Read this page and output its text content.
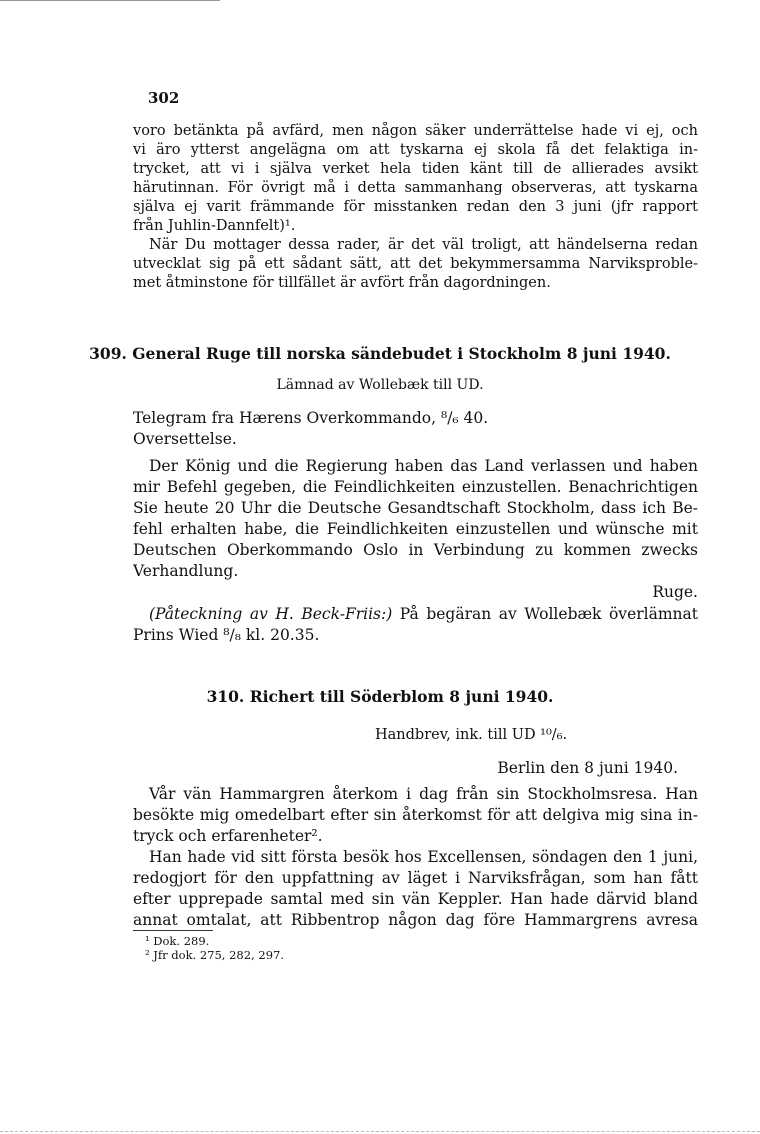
302
voro betänkta på avfärd, men någon säker underrättelse hade vi ej, och
vi äro ytterst angelägna om att tyskarna ej skola få det felaktiga in-
trycket, att vi i själva verket hela tiden känt till de allierades avsikt
härutinnan. För övrigt må i detta sammanhang observeras, att tyskarna
själva ej varit främmande för misstanken redan den 3 juni (jfr rapport
från Juhlin-Dannfelt)¹.
När Du mottager dessa rader, är det väl troligt, att händelserna redan
utvecklat sig på ett sådant sätt, att det bekymmersamma Narviksproble-
met åtminstone för tillfället är avfört från dagordningen.
309. General Ruge till norska sändebudet i Stockholm 8 juni 1940.
Lämnad av Wollebæk till UD.
Telegram fra Hærens Overkommando, ⁸/₆ 40.
Oversettelse.
Der König und die Regierung haben das Land verlassen und haben
mir Befehl gegeben, die Feindlichkeiten einzustellen. Benachrichtigen
Sie heute 20 Uhr die Deutsche Gesandtschaft Stockholm, dass ich Be-
fehl erhalten habe, die Feindlichkeiten einzustellen und wünsche mit
Deutschen Oberkommando Oslo in Verbindung zu kommen zwecks
Verhandlung.
Ruge.
(Påteckning av H. Beck-Friis:) På begäran av Wollebæk överlämnat
Prins Wied ⁸/₈ kl. 20.35.
310. Richert till Söderblom 8 juni 1940.
Handbrev, ink. till UD ¹⁰/₆.
Berlin den 8 juni 1940.
Vår vän Hammargren återkom i dag från sin Stockholmsresa. Han
besökte mig omedelbart efter sin återkomst för att delgiva mig sina in-
tryck och erfarenheter².
Han hade vid sitt första besök hos Excellensen, söndagen den 1 juni,
redogjort för den uppfattning av läget i Narviksfrågan, som han fått
efter upprepade samtal med sin vän Keppler. Han hade därvid bland
annat omtalat, att Ribbentrop någon dag före Hammargrens avresa
¹ Dok. 289.
² Jfr dok. 275, 282, 297.
